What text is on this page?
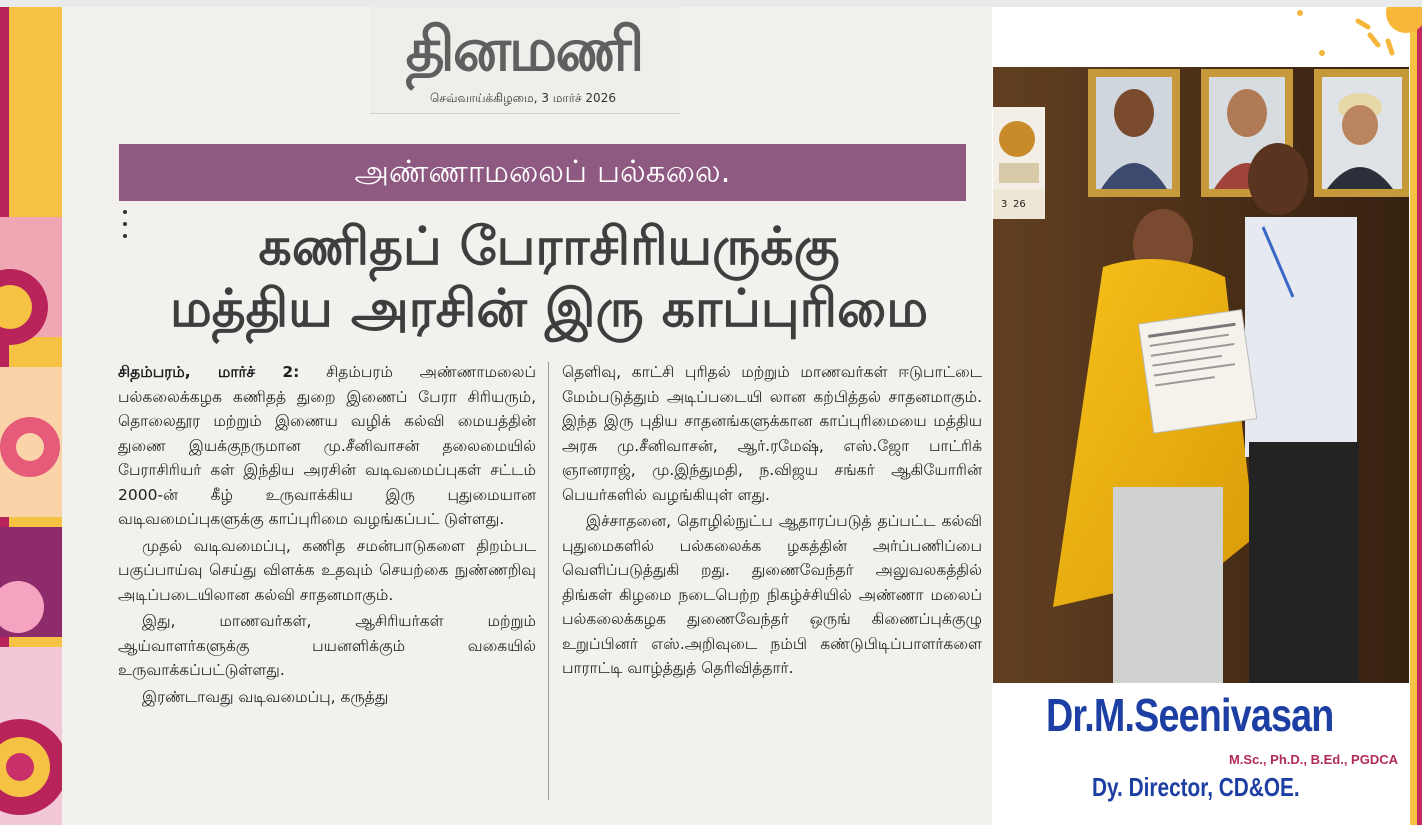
தினமணி
செவ்வாய்க்கிழமை, 3 மார்ச் 2026
அண்ணாமலைப் பல்கலை.
கணிதப் பேராசிரியருக்கு
மத்திய அரசின் இரு காப்புரிமை

சிதம்பரம், மார்ச் 2: சிதம்பரம் அண்ணாமலைப் பல்கலைக்கழக கணிதத் துறை இணைப் பேரா சிரியரும், தொலைதூர மற்றும் இணைய வழிக் கல்வி மையத்தின் துணை இயக்குநருமான மு.சீனிவாசன் தலைமையில் பேராசிரியர் கள் இந்திய அரசின் வடிவமைப்புகள் சட்டம் 2000-ன் கீழ் உருவாக்கிய இரு புதுமையான வடிவமைப்புகளுக்கு காப்புரிமை வழங்கப்பட் டுள்ளது.

முதல் வடிவமைப்பு, கணித சமன்பாடுகளை திறம்பட பகுப்பாய்வு செய்து விளக்க உதவும் செயற்கை நுண்ணறிவு அடிப்படையிலான கல்வி சாதனமாகும்.

இது, மாணவர்கள், ஆசிரியர்கள் மற்றும் ஆய்வாளர்களுக்கு பயனளிக்கும் வகையில் உருவாக்கப்பட்டுள்ளது.

இரண்டாவது வடிவமைப்பு, கருத்து

தெளிவு, காட்சி புரிதல் மற்றும் மாணவர்கள் ஈடுபாட்டை மேம்படுத்தும் அடிப்படையி லான கற்பித்தல் சாதனமாகும். இந்த இரு புதிய சாதனங்களுக்கான காப்புரிமையை மத்திய அரசு மு.சீனிவாசன், ஆர்.ரமேஷ், எஸ்.ஜோ பாட்ரிக் ஞானராஜ், மு.இந்துமதி, ந.விஜய சங்கர் ஆகியோரின் பெயர்களில் வழங்கியுள் ளது.

இச்சாதனை, தொழில்நுட்ப ஆதாரப்படுத் தப்பட்ட கல்வி புதுமைகளில் பல்கலைக்க ழகத்தின் அர்ப்பணிப்பை வெளிப்படுத்துகி றது. துணைவேந்தர் அலுவலகத்தில் திங்கள் கிழமை நடைபெற்ற நிகழ்ச்சியில் அண்ணா மலைப் பல்கலைக்கழக துணைவேந்தர் ஒருங் கிணைப்புக்குழு உறுப்பினர் எஸ்.அறிவுடை நம்பி கண்டுபிடிப்பாளர்களை பாராட்டி வாழ்த்துத் தெரிவித்தார்.

3 26
Dr.M.Seenivasan
M.Sc., Ph.D., B.Ed., PGDCA
Dy. Director, CD&OE.
